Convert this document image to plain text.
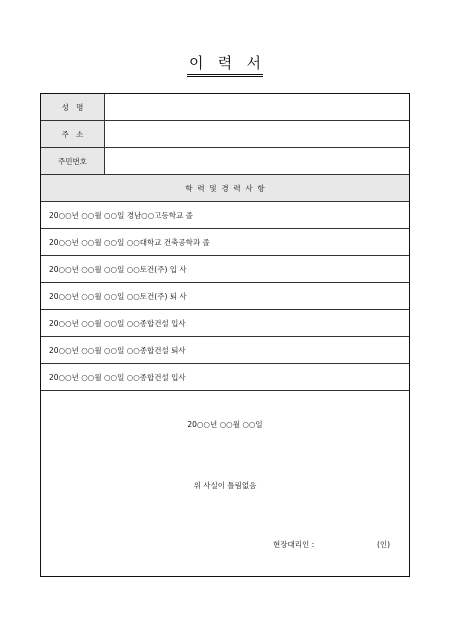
이   력   서
성   명
주   소
주민번호
학  력  및  경  력  사  항
20○○년 ○○월 ○○일 경남○○고등학교 졸
20○○년 ○○월 ○○일 ○○대학교 건축공학과 졸
20○○년 ○○월 ○○일 ○○토건(주) 입 사
20○○년 ○○월 ○○일 ○○토건(주) 퇴 사
20○○년 ○○월 ○○일 ○○종합건설 입사
20○○년 ○○월 ○○일 ○○종합건설 퇴사
20○○년 ○○월 ○○일 ○○종합건설 입사
20○○년 ○○월 ○○일
위 사실이 틀림없음
현장대리인 :	(인)
